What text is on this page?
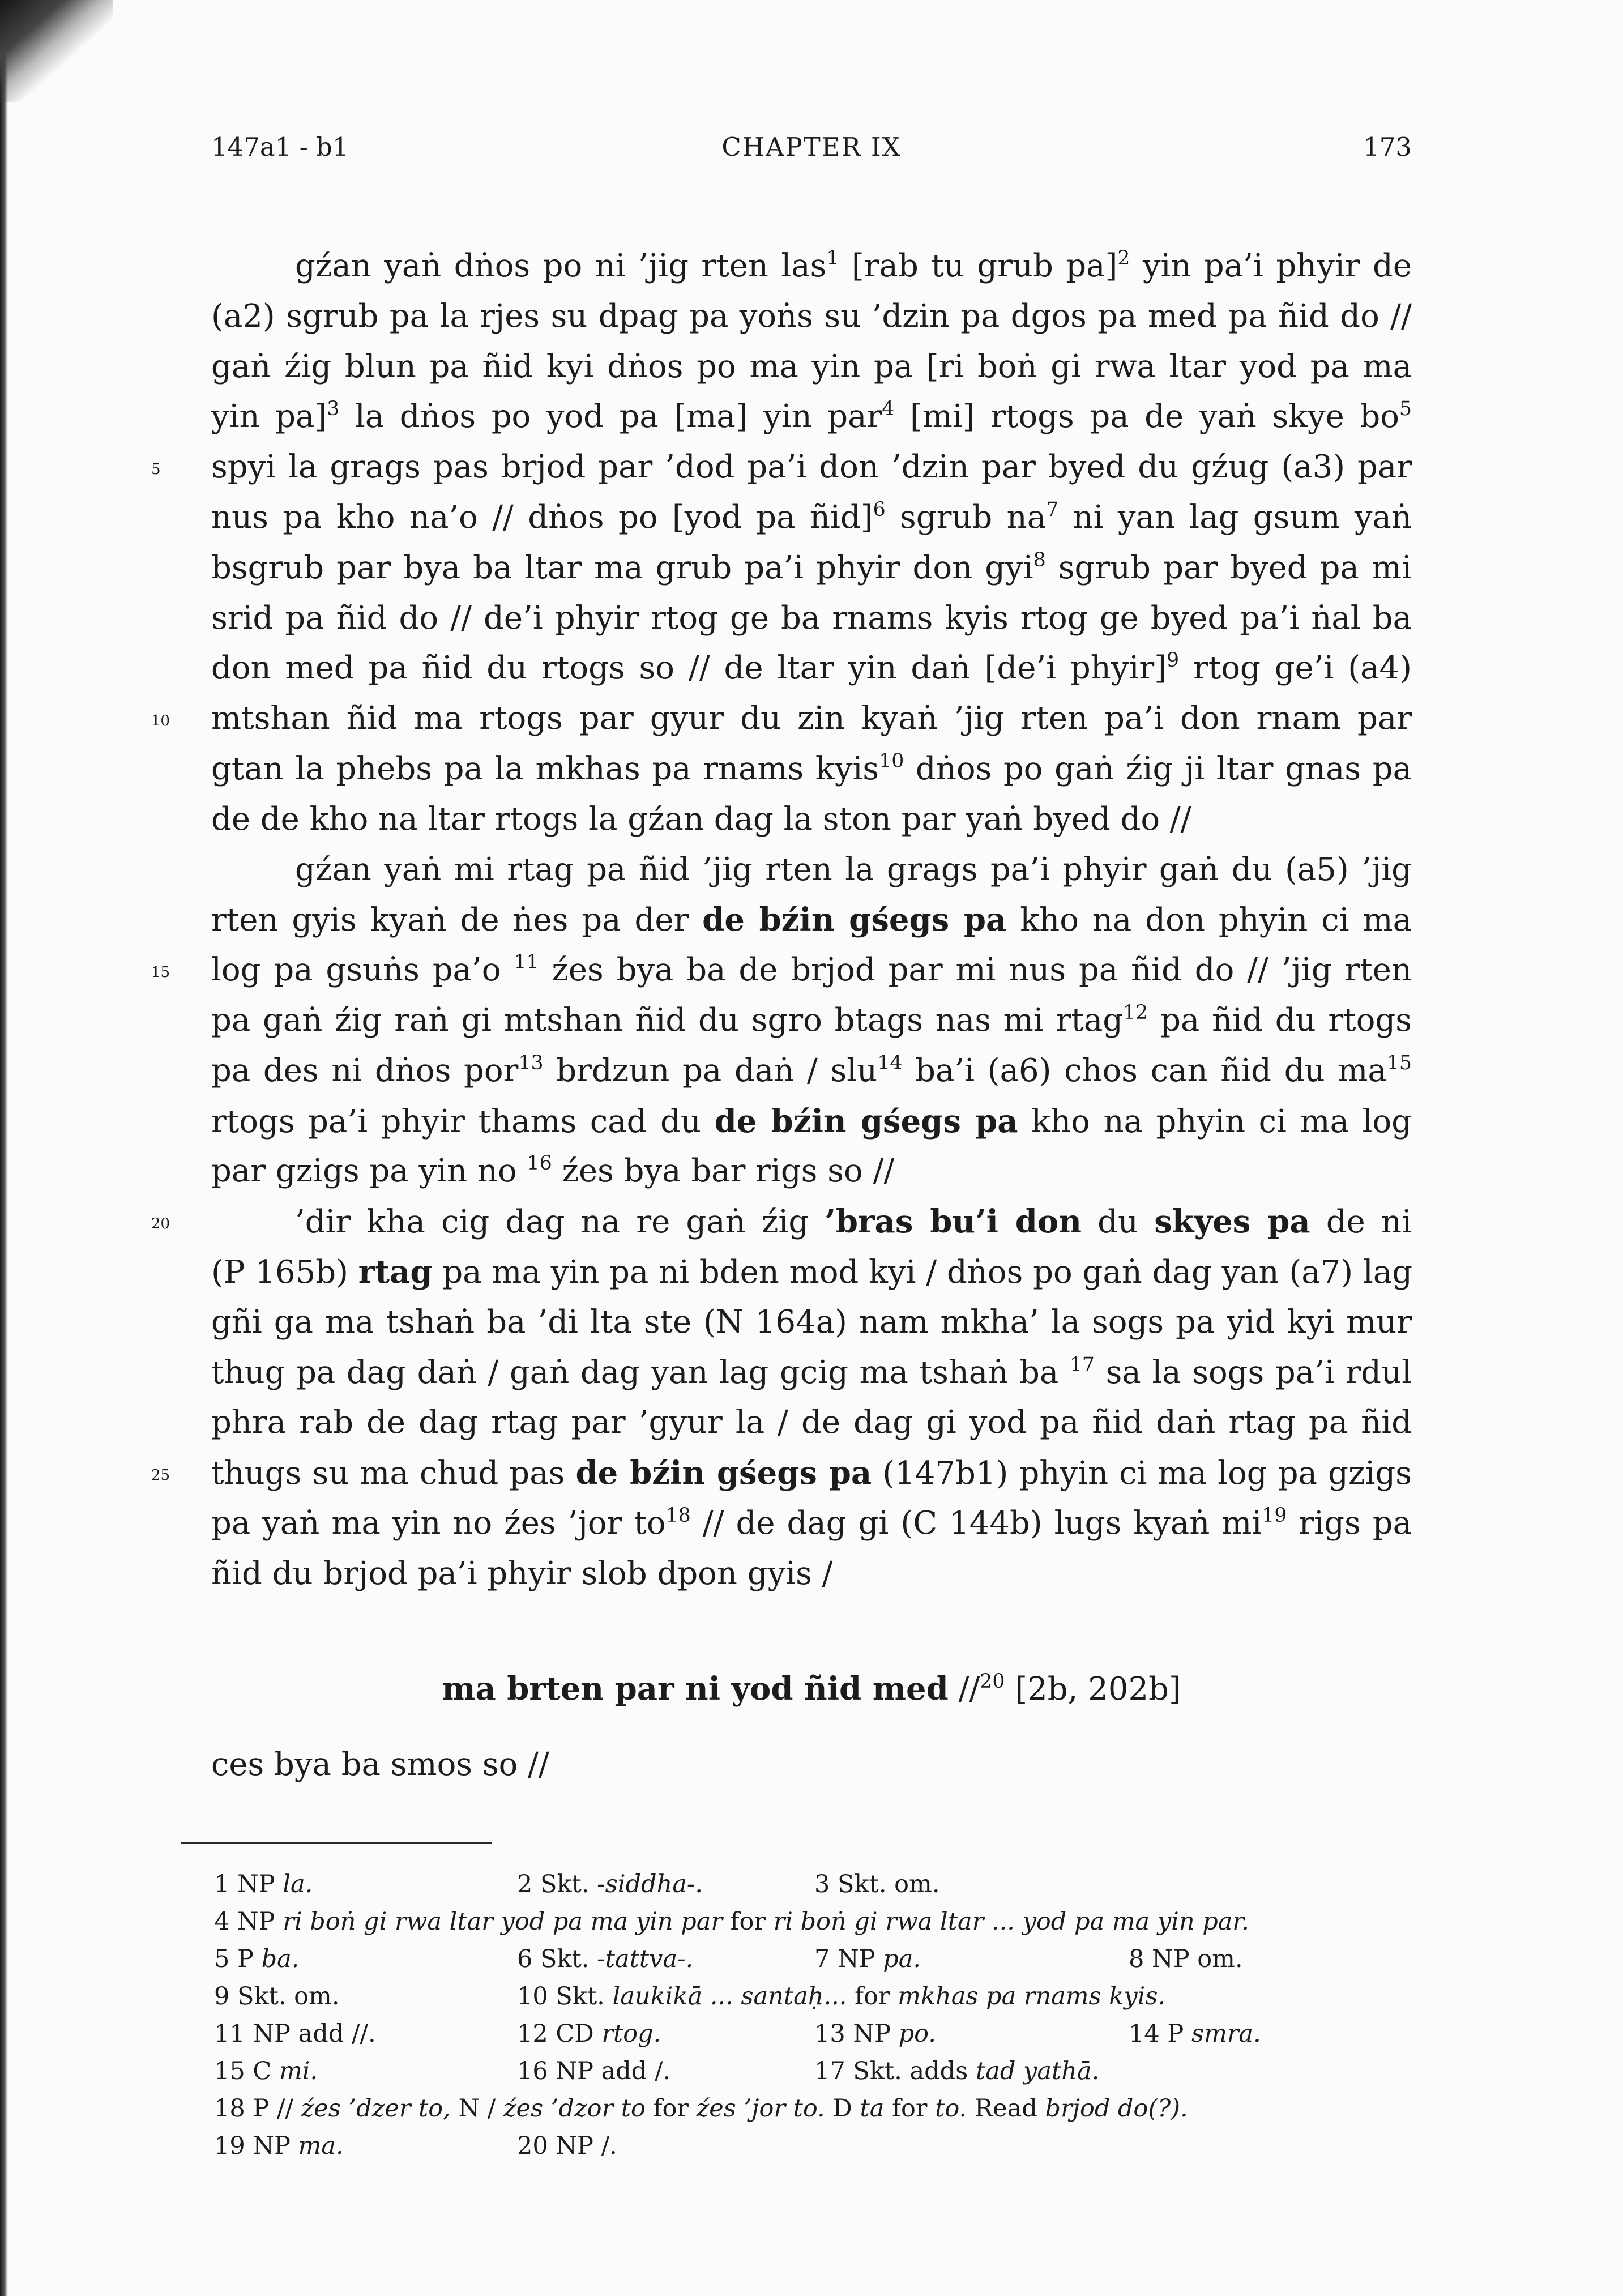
147a1 - b1	CHAPTER IX	173
gźan yaṅ dṅos po ni ’jig rten las$^1$ [rab tu grub pa]$^2$ yin pa’i phyir de
(a2) sgrub pa la rjes su dpag pa yoṅs su ’dzin pa dgos pa med pa ñid do //
gaṅ źig blun pa ñid kyi dṅos po ma yin pa [ri boṅ gi rwa ltar yod pa ma
yin pa]$^3$ la dṅos po yod pa [ma] yin par$^4$ [mi] rtogs pa de yaṅ skye $bo^5$
5	spyi la grags pas brjod par ’dod pa’i don ’dzin par byed du gźug (a3) par
nus pa kho na’o // dṅos po [yod pa ñid]$^6$ sgrub $na^7$ ni yan lag gsum yaṅ
bsgrub par bya ba ltar ma grub pa’i phyir don gyi$^8$ sgrub par byed pa mi
srid pa ñid do // de’i phyir rtog ge ba rnams kyis rtog ge byed pa’i ṅal ba
don med pa ñid du rtogs so // de ltar yin daṅ [de’i phyir]$^9$ rtog ge’i (a4)
10	mtshan ñid ma rtogs par gyur du zin kyaṅ ’jig rten pa’i don rnam par
gtan la phebs pa la mkhas pa rnams kyis$^{10}$ dṅos po gaṅ źig ji ltar gnas pa
de de kho na ltar rtogs la gźan dag la ston par yaṅ byed do //
gźan yaṅ mi rtag pa ñid ’jig rten la grags pa’i phyir gaṅ du (a5) ’jig
rten gyis kyaṅ de ṅes pa der de bźin gśegs pa kho na don phyin ci ma
15	log pa gsuṅs pa’o $^{11}$ źes bya ba de brjod par mi nus pa ñid do // ’jig rten
pa gaṅ źig raṅ gi mtshan ñid du sgro btags nas mi rtag$^{12}$ pa ñid du rtogs
pa des ni dṅos por$^{13}$ brdzun pa daṅ / slu$^{14}$ ba’i (a6) chos can ñid du $ma^{15}$
rtogs pa’i phyir thams cad du de bźin gśegs pa kho na phyin ci ma log
par gzigs pa yin no $^{16}$ źes bya bar rigs so //
20	’dir kha cig dag na re gaṅ źig ’bras bu’i don du skyes pa de ni
(P 165b) rtag pa ma yin pa ni bden mod kyi / dṅos po gaṅ dag yan (a7) lag
gñi ga ma tshaṅ ba ’di lta ste (N 164a) nam mkha’ la sogs pa yid kyi mur
thug pa dag daṅ / gaṅ dag yan lag gcig ma tshaṅ ba $^{17}$ sa la sogs pa’i rdul
phra rab de dag rtag par ’gyur la / de dag gi yod pa ñid daṅ rtag pa ñid
25	thugs su ma chud pas de bźin gśegs pa (147b1) phyin ci ma log pa gzigs
pa yaṅ ma yin no źes ’jor $to^{18}$ // de dag gi (C 144b) lugs kyaṅ $mi^{19}$ rigs pa
ñid du brjod pa’i phyir slob dpon gyis /
ma brten par ni yod ñid med //$^{20}$ [2b, 202b]
ces bya ba smos so //
1 NP la.	2 Skt. -siddha-.	3 Skt. om.
4 NP ri boṅ gi rwa ltar yod pa ma yin par for ri boṅ gi rwa ltar ... yod pa ma yin par.
5 P ba.	6 Skt. -tattva-.	7 NP pa.	8 NP om.
9 Skt. om.	10 Skt. laukikā ... santaḥ... for mkhas pa rnams kyis.
11 NP add //.	12 CD rtog.	13 NP po.	14 P smra.
15 C mi.	16 NP add /.	17 Skt. adds tad yathā.
18 P // źes ’dzer to, N / źes ’dzor to for źes ’jor to. D ta for to. Read brjod do(?).
19 NP ma.	20 NP /.
